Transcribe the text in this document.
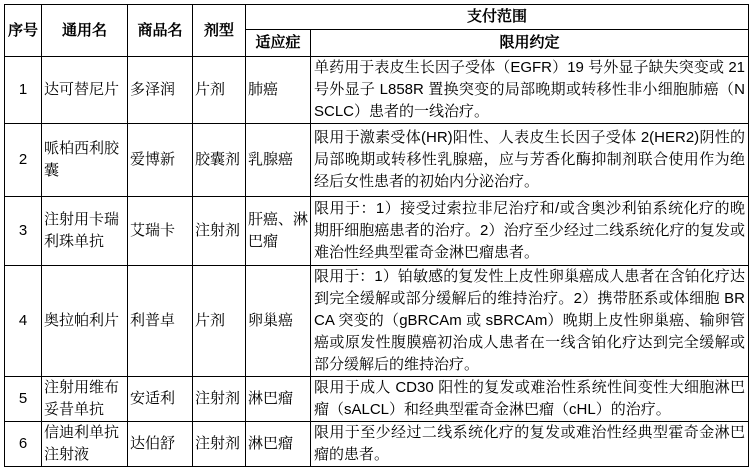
序号	通用名	商品名	剂型	支付范围	
				适应症	限用约定
1	达可替尼片	多泽润	片剂	肺癌	单药用于表皮生长因子受体（EGFR）19 号外显子缺失突变或 21 号外显子 L858R 置换突变的局部晚期或转移性非小细胞肺癌（NSCLC）患者的一线治疗。
2	哌柏西利胶囊	爱博新	胶囊剂	乳腺癌	限用于激素受体(HR)阳性、人表皮生长因子受体 2(HER2)阴性的局部晚期或转移性乳腺癌，应与芳香化酶抑制剂联合使用作为绝经后女性患者的初始内分泌治疗。
3	注射用卡瑞利珠单抗	艾瑞卡	注射剂	肝癌、淋巴瘤	限用于：1）接受过索拉非尼治疗和/或含奥沙利铂系统化疗的晚期肝细胞癌患者的治疗。2）治疗至少经过二线系统化疗的复发或难治性经典型霍奇金淋巴瘤患者。
4	奥拉帕利片	利普卓	片剂	卵巢癌	限用于：1）铂敏感的复发性上皮性卵巢癌成人患者在含铂化疗达到完全缓解或部分缓解后的维持治疗。2）携带胚系或体细胞 BRCA 突变的（gBRCAm 或 sBRCAm）晚期上皮性卵巢癌、输卵管癌或原发性腹膜癌初治成人患者在一线含铂化疗达到完全缓解或部分缓解后的维持治疗。
5	注射用维布妥昔单抗	安适利	注射剂	淋巴瘤	限用于成人 CD30 阳性的复发或难治性系统性间变性大细胞淋巴瘤（sALCL）和经典型霍奇金淋巴瘤（cHL）的治疗。
6	信迪利单抗注射液	达伯舒	注射剂	淋巴瘤	限用于至少经过二线系统化疗的复发或难治性经典型霍奇金淋巴瘤的患者。
